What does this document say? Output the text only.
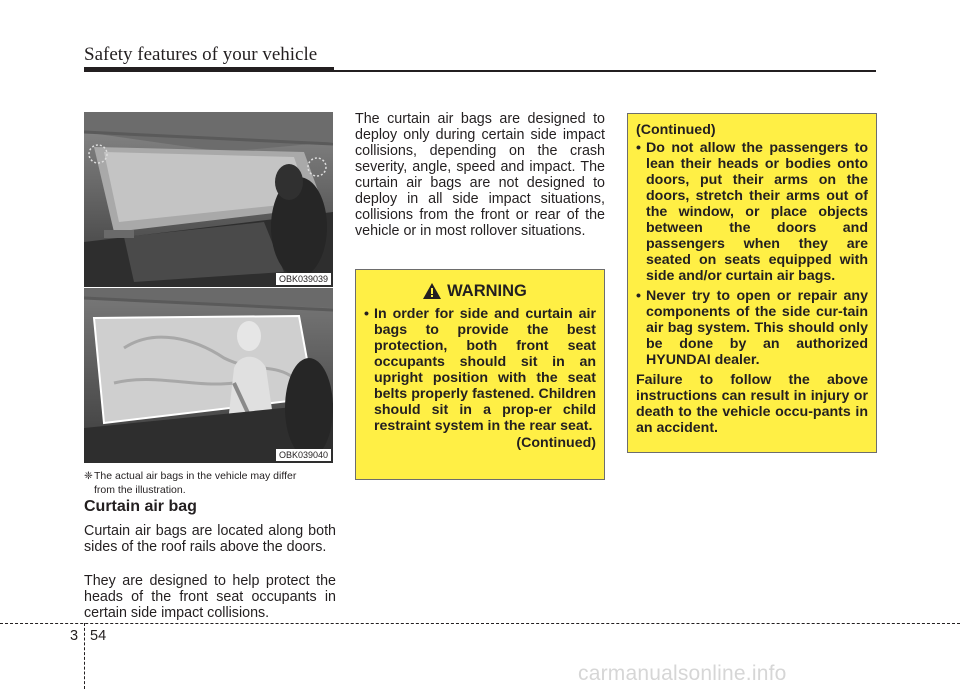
Safety features of your vehicle
OBK039039
OBK039040
❈The actual air bags in the vehicle may differ
from the illustration.
Curtain air bag
Curtain air bags are located along both sides of the roof rails above the doors.
They are designed to help protect the heads of the front seat occupants in certain side impact collisions.
The curtain air bags are designed to deploy only during certain side impact collisions, depending on the crash severity, angle, speed and impact. The curtain air bags are not designed to deploy in all side impact situations, collisions from the front or rear of the vehicle or in most rollover situations.
WARNING
• In order for side and curtain air bags to provide the best protection, both front seat occupants should sit in an upright position with the seat belts properly fastened. Children should sit in a prop-er child restraint system in the rear seat.
(Continued)
(Continued)
• Do not allow the passengers to lean their heads or bodies onto doors, put their arms on the doors, stretch their arms out of the window, or place objects between the doors and passengers when they are seated on seats equipped with side and/or curtain air bags.
• Never try to open or repair any components of the side cur-tain air bag system. This should only be done by an authorized HYUNDAI dealer.
Failure to follow the above instructions can result in injury or death to the vehicle occu-pants in an accident.
3 54
carmanualsonline.info
